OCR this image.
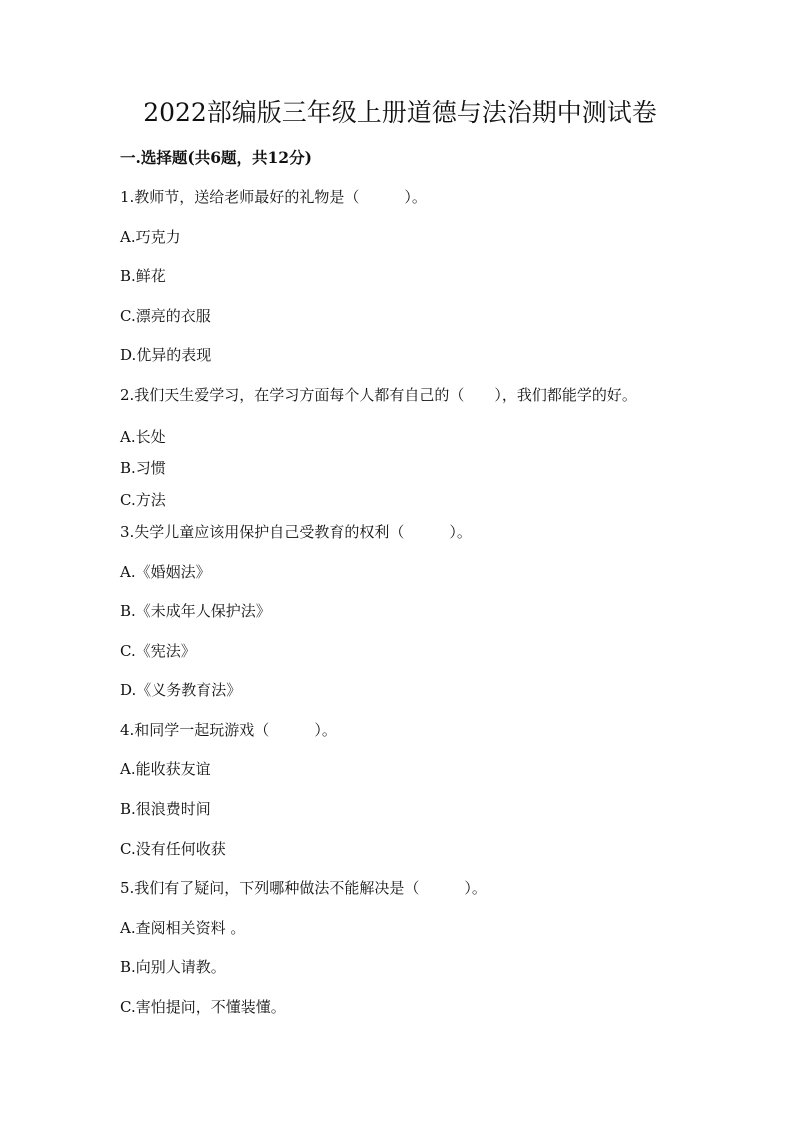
2022部编版三年级上册道德与法治期中测试卷
一.选择题(共6题，共12分)
1.教师节，送给老师最好的礼物是（　　　）。
A.巧克力
B.鲜花
C.漂亮的衣服
D.优异的表现
2.我们天生爱学习，在学习方面每个人都有自己的（　　），我们都能学的好。
A.长处
B.习惯
C.方法
3.失学儿童应该用保护自己受教育的权利（　　　）。
A.《婚姻法》
B.《未成年人保护法》
C.《宪法》
D.《义务教育法》
4.和同学一起玩游戏（　　　）。
A.能收获友谊
B.很浪费时间
C.没有任何收获
5.我们有了疑问，下列哪种做法不能解决是（　　　）。
A.查阅相关资料 。
B.向别人请教。
C.害怕提问，不懂装懂。
